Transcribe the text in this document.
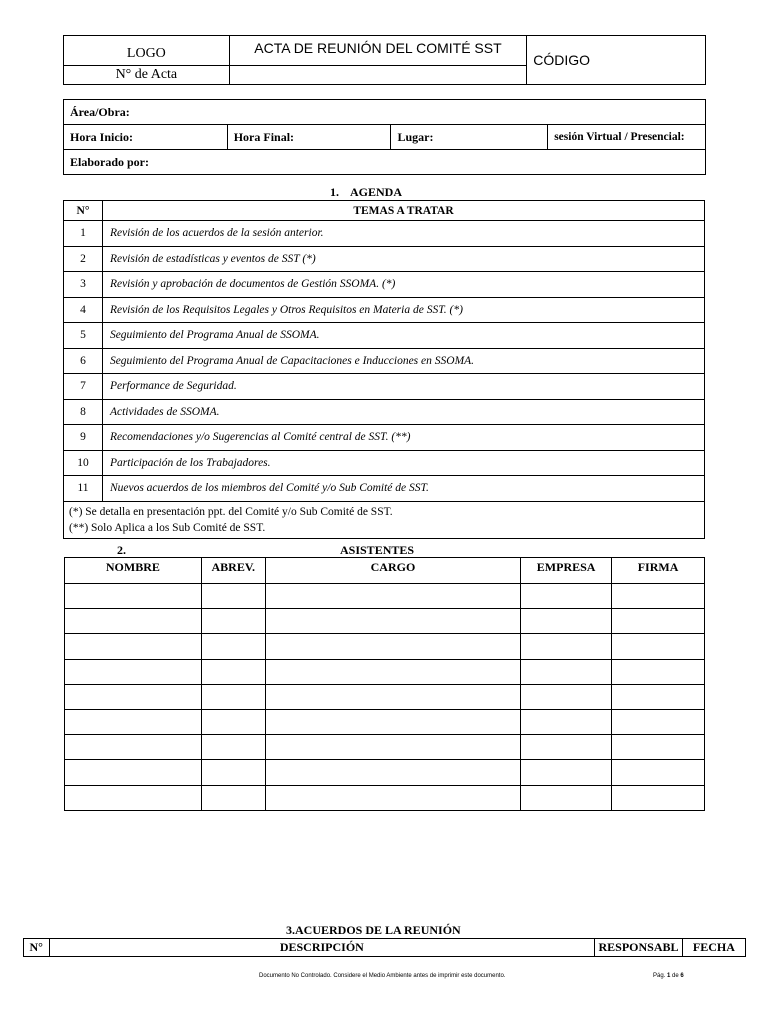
LOGO	ACTA DE REUNIÓN DEL COMITÉ SST	CÓDIGO
N° de Acta		
Área/Obra:
Hora Inicio:	Hora Final:	Lugar:	sesión Virtual / Presencial:
Elaborado por:
1. AGENDA
N°	TEMAS A TRATAR
1	Revisión de los acuerdos de la sesión anterior.
2	Revisión de estadísticas y eventos de SST (*)
3	Revisión y aprobación de documentos de Gestión SSOMA. (*)
4	Revisión de los Requisitos Legales y Otros Requisitos en Materia de SST. (*)
5	Seguimiento del Programa Anual de SSOMA.
6	Seguimiento del Programa Anual de Capacitaciones e Inducciones en SSOMA.
7	Performance de Seguridad.
8	Actividades de SSOMA.
9	Recomendaciones y/o Sugerencias al Comité central de SST. (**)
10	Participación de los Trabajadores.
11	Nuevos acuerdos de los miembros del Comité y/o Sub Comité de SST.

(*) Se detalla en presentación ppt. del Comité y/o Sub Comité de SST.
(**) Solo Aplica a los Sub Comité de SST.	
2.	ASISTENTES
NOMBRE	ABREV.	CARGO	EMPRESA	FIRMA

3.ACUERDOS DE LA REUNIÓN
N°	DESCRIPCIÓN	RESPONSABL	FECHA
Documento No Controlado. Considere el Medio Ambiente antes de imprimir este documento.	Pág. 1 de 6
